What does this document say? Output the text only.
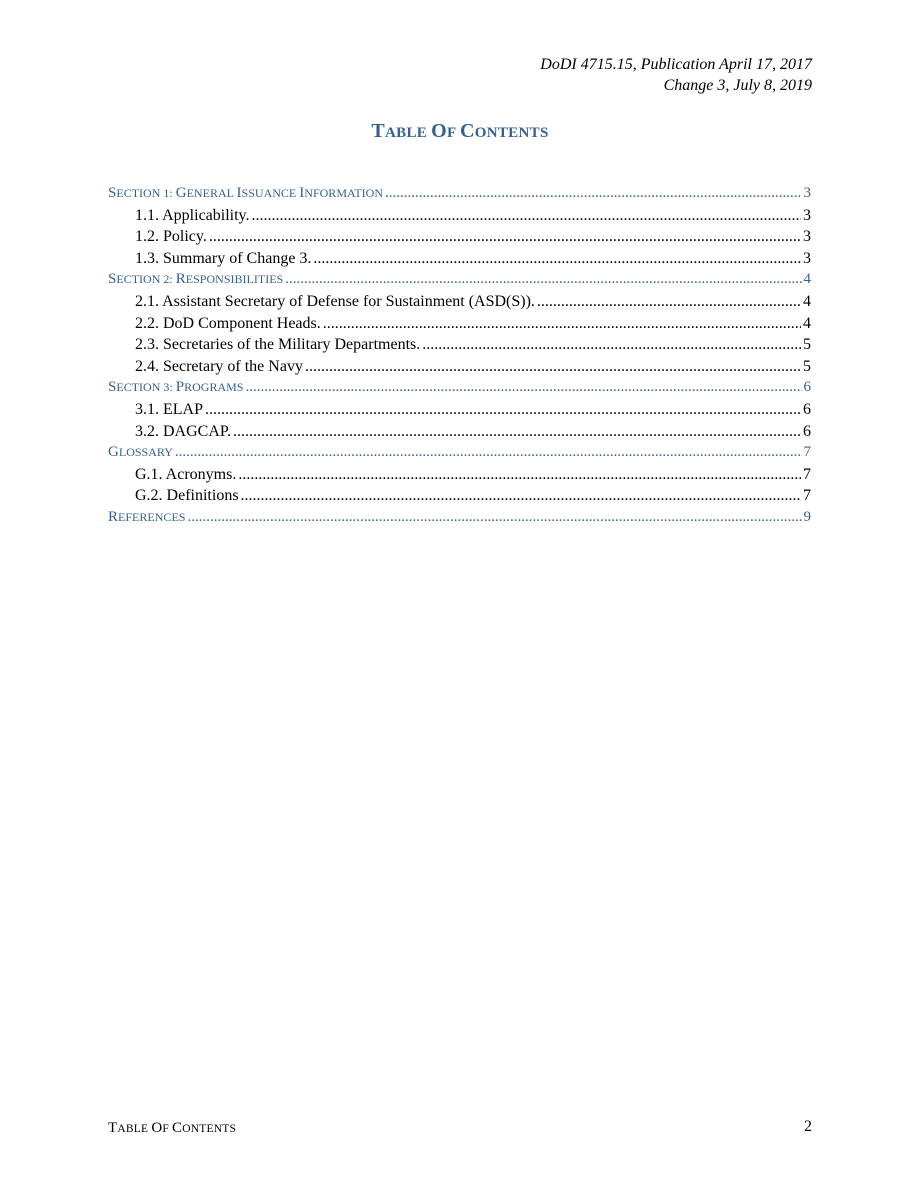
DoDI 4715.15, Publication April 17, 2017
Change 3, July 8, 2019
TABLE OF CONTENTS
SECTION 1: GENERAL ISSUANCE INFORMATION .....	3
1.1. Applicability. .....	3
1.2. Policy. .....	3
1.3. Summary of Change 3. .....	3
SECTION 2: RESPONSIBILITIES .....	4
2.1. Assistant Secretary of Defense for Sustainment (ASD(S)). .....	4
2.2. DoD Component Heads. .....	4
2.3. Secretaries of the Military Departments. .....	5
2.4. Secretary of the Navy .....	5
SECTION 3: PROGRAMS .....	6
3.1. ELAP .....	6
3.2. DAGCAP. .....	6
GLOSSARY .....	7
G.1. Acronyms. .....	7
G.2. Definitions .....	7
REFERENCES .....	9
TABLE OF CONTENTS	2
